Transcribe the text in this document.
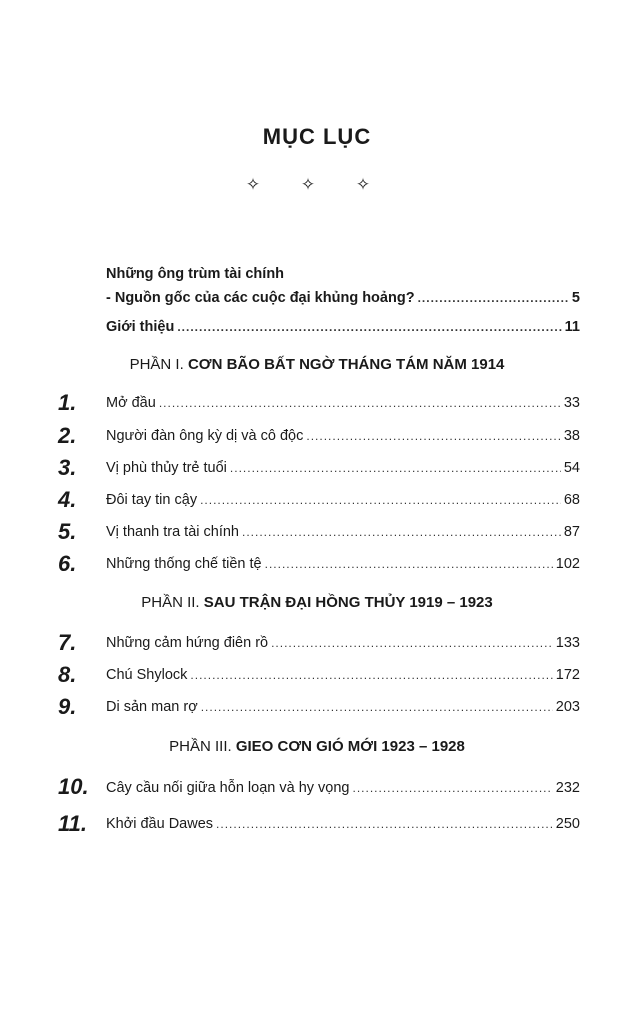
MỤC LỤC
✧ ✧ ✧
Những ông trùm tài chính
- Nguồn gốc của các cuộc đại khủng hoảng? .....	5
Giới thiệu .....	11
PHẦN I. CƠN BÃO BẤT NGỜ THÁNG TÁM NĂM 1914
1.	Mở đầu .....	33
2.	Người đàn ông kỳ dị và cô độc .....	38
3.	Vị phù thủy trẻ tuổi .....	54
4.	Đôi tay tin cậy .....	68
5.	Vị thanh tra tài chính .....	87
6.	Những thống chế tiền tệ .....	102
PHẦN II. SAU TRẬN ĐẠI HỒNG THỦY 1919 – 1923
7.	Những cảm hứng điên rồ .....	133
8.	Chú Shylock .....	172
9.	Di sản man rợ .....	203
PHẦN III. GIEO CƠN GIÓ MỚI 1923 – 1928
10.	Cây cầu nối giữa hỗn loạn và hy vọng .....	232
11.	Khởi đầu Dawes .....	250
